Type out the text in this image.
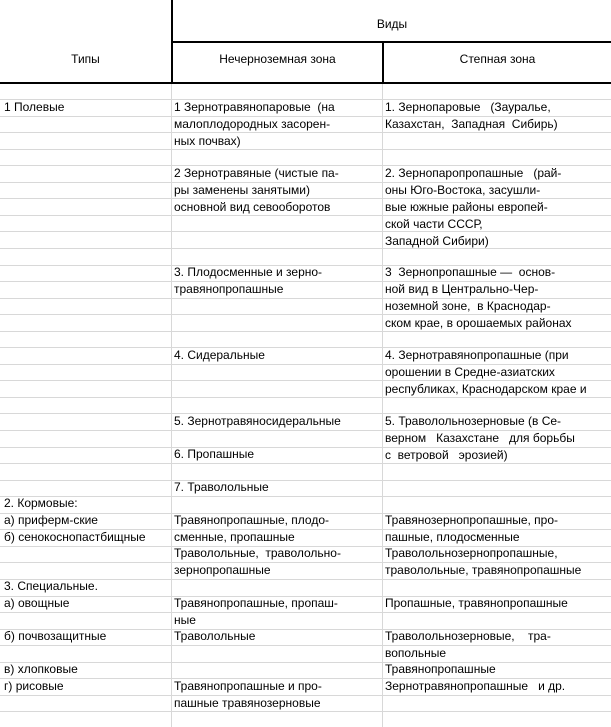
Типы
Виды
Нечерноземная зона	Степная зона
1 Полевые
2. Кормовые:
а) приферм-ские
б) сенокоснопастбищные
3. Специальные.
а) овощные
б) почвозащитные
в) хлопковые
г) рисовые
1 Зернотравянопаровые  (на
малоплодородных засорен-
ных почвах)
2 Зернотравяные (чистые па-
ры заменены занятыми)
основной вид севооборотов
3. Плодосменные и зерно-
травянопропашные
4. Сидеральные
5. Зернотравяносидеральные
6. Пропашные
7. Траволольные
Травянопропашные, плодо-
сменные, пропашные
Траволольные,  траволольно-
зернопропашные
Травянопропашные, пропаш-
ные
Траволольные
Травянопропашные и про-
пашные травянозерновые
1. Зернопаровые   (Зауралье,
Казахстан,  Западная  Сибирь)
2. Зернопаропропашные   (рай-
оны Юго-Востока, засушли-
вые южные районы европей-
ской части СССР,
Западной Сибири)
3  Зернопропашные —  основ-
ной вид в Центрально-Чер-
ноземной зоне,  в Краснодар-
ском крае, в орошаемых районах
4. Зернотравянопропашные (при
орошении в Средне-азиатских
республиках, Краснодарском крае и
5. Траволольнозерновые (в Се-
верном   Казахстане   для борьбы
с  ветровой   эрозией)
Травянозернопропашные, про-
пашные, плодосменные
Траволольнозернопропашные,
траволольные, травянопропашные
Пропашные, травянопропашные
Траволольнозерновые,    тра-
вопольные
Травянопропашные
Зернотравянопропашные   и др.
